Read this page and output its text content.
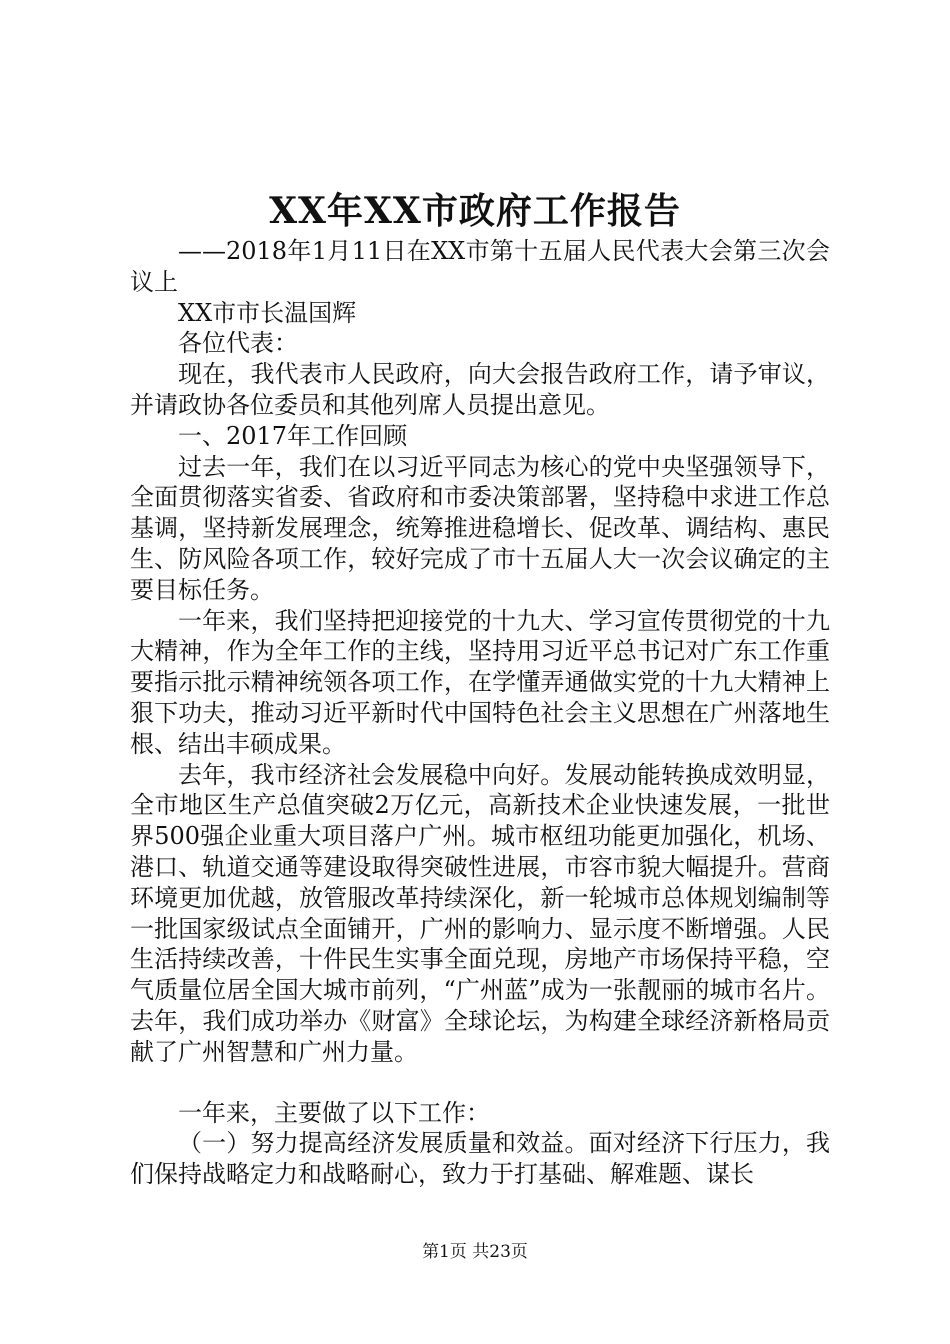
XX年XX市政府工作报告

——2018年1月11日在XX市第十五届人民代表大会第三次会议上

XX市市长温国辉

各位代表：

现在，我代表市人民政府，向大会报告政府工作，请予审议，并请政协各位委员和其他列席人员提出意见。

一、2017年工作回顾

过去一年，我们在以习近平同志为核心的党中央坚强领导下，全面贯彻落实省委、省政府和市委决策部署，坚持稳中求进工作总基调，坚持新发展理念，统筹推进稳增长、促改革、调结构、惠民生、防风险各项工作，较好完成了市十五届人大一次会议确定的主要目标任务。

一年来，我们坚持把迎接党的十九大、学习宣传贯彻党的十九大精神，作为全年工作的主线，坚持用习近平总书记对广东工作重要指示批示精神统领各项工作，在学懂弄通做实党的十九大精神上狠下功夫，推动习近平新时代中国特色社会主义思想在广州落地生根、结出丰硕成果。

去年，我市经济社会发展稳中向好。发展动能转换成效明显，全市地区生产总值突破2万亿元，高新技术企业快速发展，一批世界500强企业重大项目落户广州。城市枢纽功能更加强化，机场、港口、轨道交通等建设取得突破性进展，市容市貌大幅提升。营商环境更加优越，放管服改革持续深化，新一轮城市总体规划编制等一批国家级试点全面铺开，广州的影响力、显示度不断增强。人民生活持续改善，十件民生实事全面兑现，房地产市场保持平稳，空气质量位居全国大城市前列，“广州蓝”成为一张靓丽的城市名片。去年，我们成功举办《财富》全球论坛，为构建全球经济新格局贡献了广州智慧和广州力量。

一年来，主要做了以下工作：

（一）努力提高经济发展质量和效益。面对经济下行压力，我们保持战略定力和战略耐心，致力于打基础、解难题、谋长

第1页 共23页
